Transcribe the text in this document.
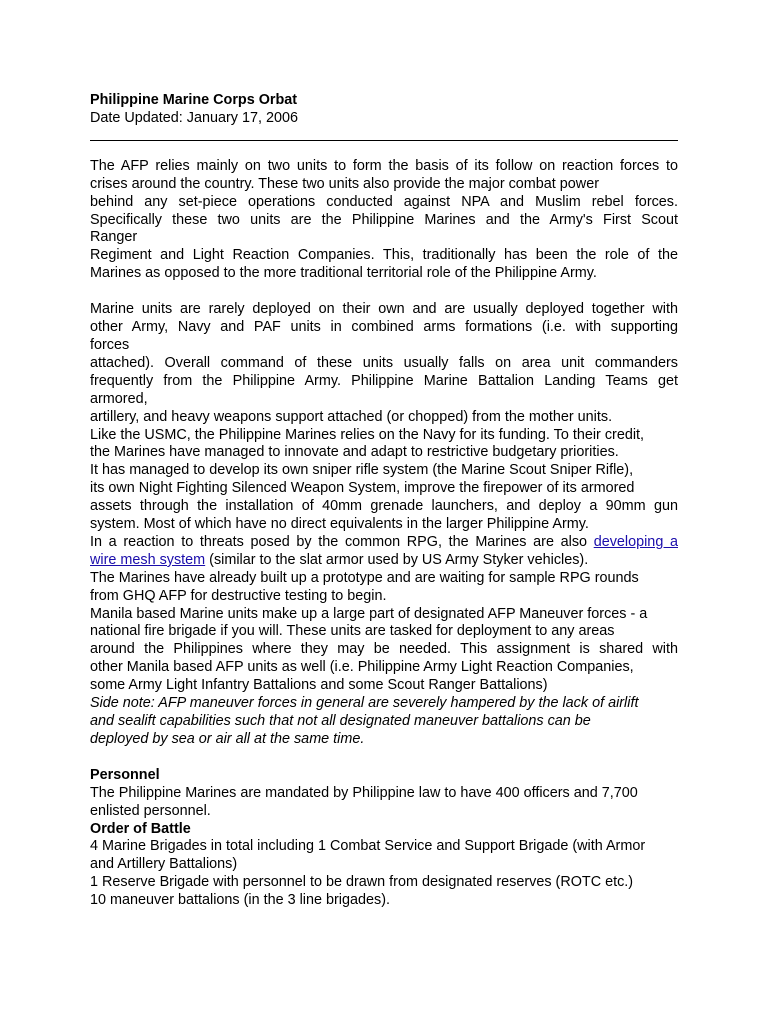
Philippine Marine Corps Orbat

Date Updated: January 17, 2006

The AFP relies mainly on two units to form the basis of its follow on reaction forces to

crises around the country. These two units also provide the major combat power

behind any set-piece operations conducted against NPA and Muslim rebel forces.

Specifically these two units are the Philippine Marines and the Army's First Scout

Ranger

Regiment and Light Reaction Companies. This, traditionally has been the role of the

Marines as opposed to the more traditional territorial role of the Philippine Army.

Marine units are rarely deployed on their own and are usually deployed together with

other Army, Navy and PAF units in combined arms formations (i.e. with supporting

forces

attached). Overall command of these units usually falls on area unit commanders

frequently from the Philippine Army. Philippine Marine Battalion Landing Teams get

armored,

artillery, and heavy weapons support attached (or chopped) from the mother units.

Like the USMC, the Philippine Marines relies on the Navy for its funding. To their credit,

the Marines have managed to innovate and adapt to restrictive budgetary priorities.

It has managed to develop its own sniper rifle system (the Marine Scout Sniper Rifle),

its own Night Fighting Silenced Weapon System, improve the firepower of its armored

assets through the installation of 40mm grenade launchers, and deploy a 90mm gun

system. Most of which have no direct equivalents in the larger Philippine Army.

In a reaction to threats posed by the common RPG, the Marines are also developing a

wire mesh system (similar to the slat armor used by US Army Styker vehicles).

The Marines have already built up a prototype and are waiting for sample RPG rounds

from GHQ AFP for destructive testing to begin.

Manila based Marine units make up a large part of designated AFP Maneuver forces - a

national fire brigade if you will. These units are tasked for deployment to any areas

around the Philippines where they may be needed. This assignment is shared with

other Manila based AFP units as well (i.e. Philippine Army Light Reaction Companies,

some Army Light Infantry Battalions and some Scout Ranger Battalions)

Side note: AFP maneuver forces in general are severely hampered by the lack of airlift

and sealift capabilities such that not all designated maneuver battalions can be

deployed by sea or air all at the same time.

Personnel

The Philippine Marines are mandated by Philippine law to have 400 officers and 7,700

enlisted personnel.

Order of Battle

4 Marine Brigades in total including 1 Combat Service and Support Brigade (with Armor

and Artillery Battalions)

1 Reserve Brigade with personnel to be drawn from designated reserves (ROTC etc.)

10 maneuver battalions (in the 3 line brigades).
